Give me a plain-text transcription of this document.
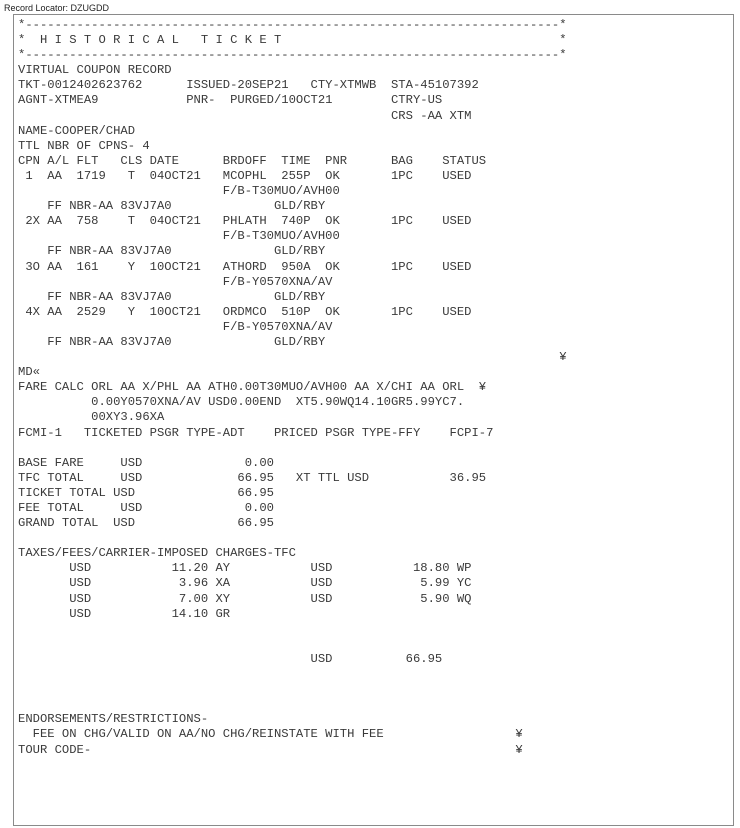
Record Locator: DZUGDD
*-------------------------------------------------------------------------*
*  H I S T O R I C A L   T I C K E T                                      *
*-------------------------------------------------------------------------*
VIRTUAL COUPON RECORD
TKT-0012402623762      ISSUED-20SEP21   CTY-XTMWB  STA-45107392
AGNT-XTMEA9            PNR-  PURGED/10OCT21        CTRY-US
CRS -AA XTM
NAME-COOPER/CHAD
TTL NBR OF CPNS- 4
CPN A/L FLT   CLS DATE      BRDOFF  TIME  PNR      BAG    STATUS
1  AA  1719   T  04OCT21   MCOPHL  255P  OK       1PC    USED
F/B-T30MUO/AVH00
FF NBR-AA 83VJ7A0              GLD/RBY
2X AA  758    T  04OCT21   PHLATH  740P  OK       1PC    USED
F/B-T30MUO/AVH00
FF NBR-AA 83VJ7A0              GLD/RBY
3O AA  161    Y  10OCT21   ATHORD  950A  OK       1PC    USED
F/B-Y0570XNA/AV
FF NBR-AA 83VJ7A0              GLD/RBY
4X AA  2529   Y  10OCT21   ORDMCO  510P  OK       1PC    USED
F/B-Y0570XNA/AV
FF NBR-AA 83VJ7A0              GLD/RBY
¥
MD«
FARE CALC ORL AA X/PHL AA ATH0.00T30MUO/AVH00 AA X/CHI AA ORL  ¥
0.00Y0570XNA/AV USD0.00END  XT5.90WQ14.10GR5.99YC7.
00XY3.96XA
FCMI-1   TICKETED PSGR TYPE-ADT    PRICED PSGR TYPE-FFY    FCPI-7

BASE FARE     USD              0.00
TFC TOTAL     USD             66.95   XT TTL USD           36.95
TICKET TOTAL USD              66.95
FEE TOTAL     USD              0.00
GRAND TOTAL  USD              66.95

TAXES/FEES/CARRIER-IMPOSED CHARGES-TFC
USD           11.20 AY           USD           18.80 WP
USD            3.96 XA           USD            5.99 YC
USD            7.00 XY           USD            5.90 WQ
USD           14.10 GR

USD          66.95

ENDORSEMENTS/RESTRICTIONS-
FEE ON CHG/VALID ON AA/NO CHG/REINSTATE WITH FEE                  ¥
TOUR CODE-                                                          ¥
